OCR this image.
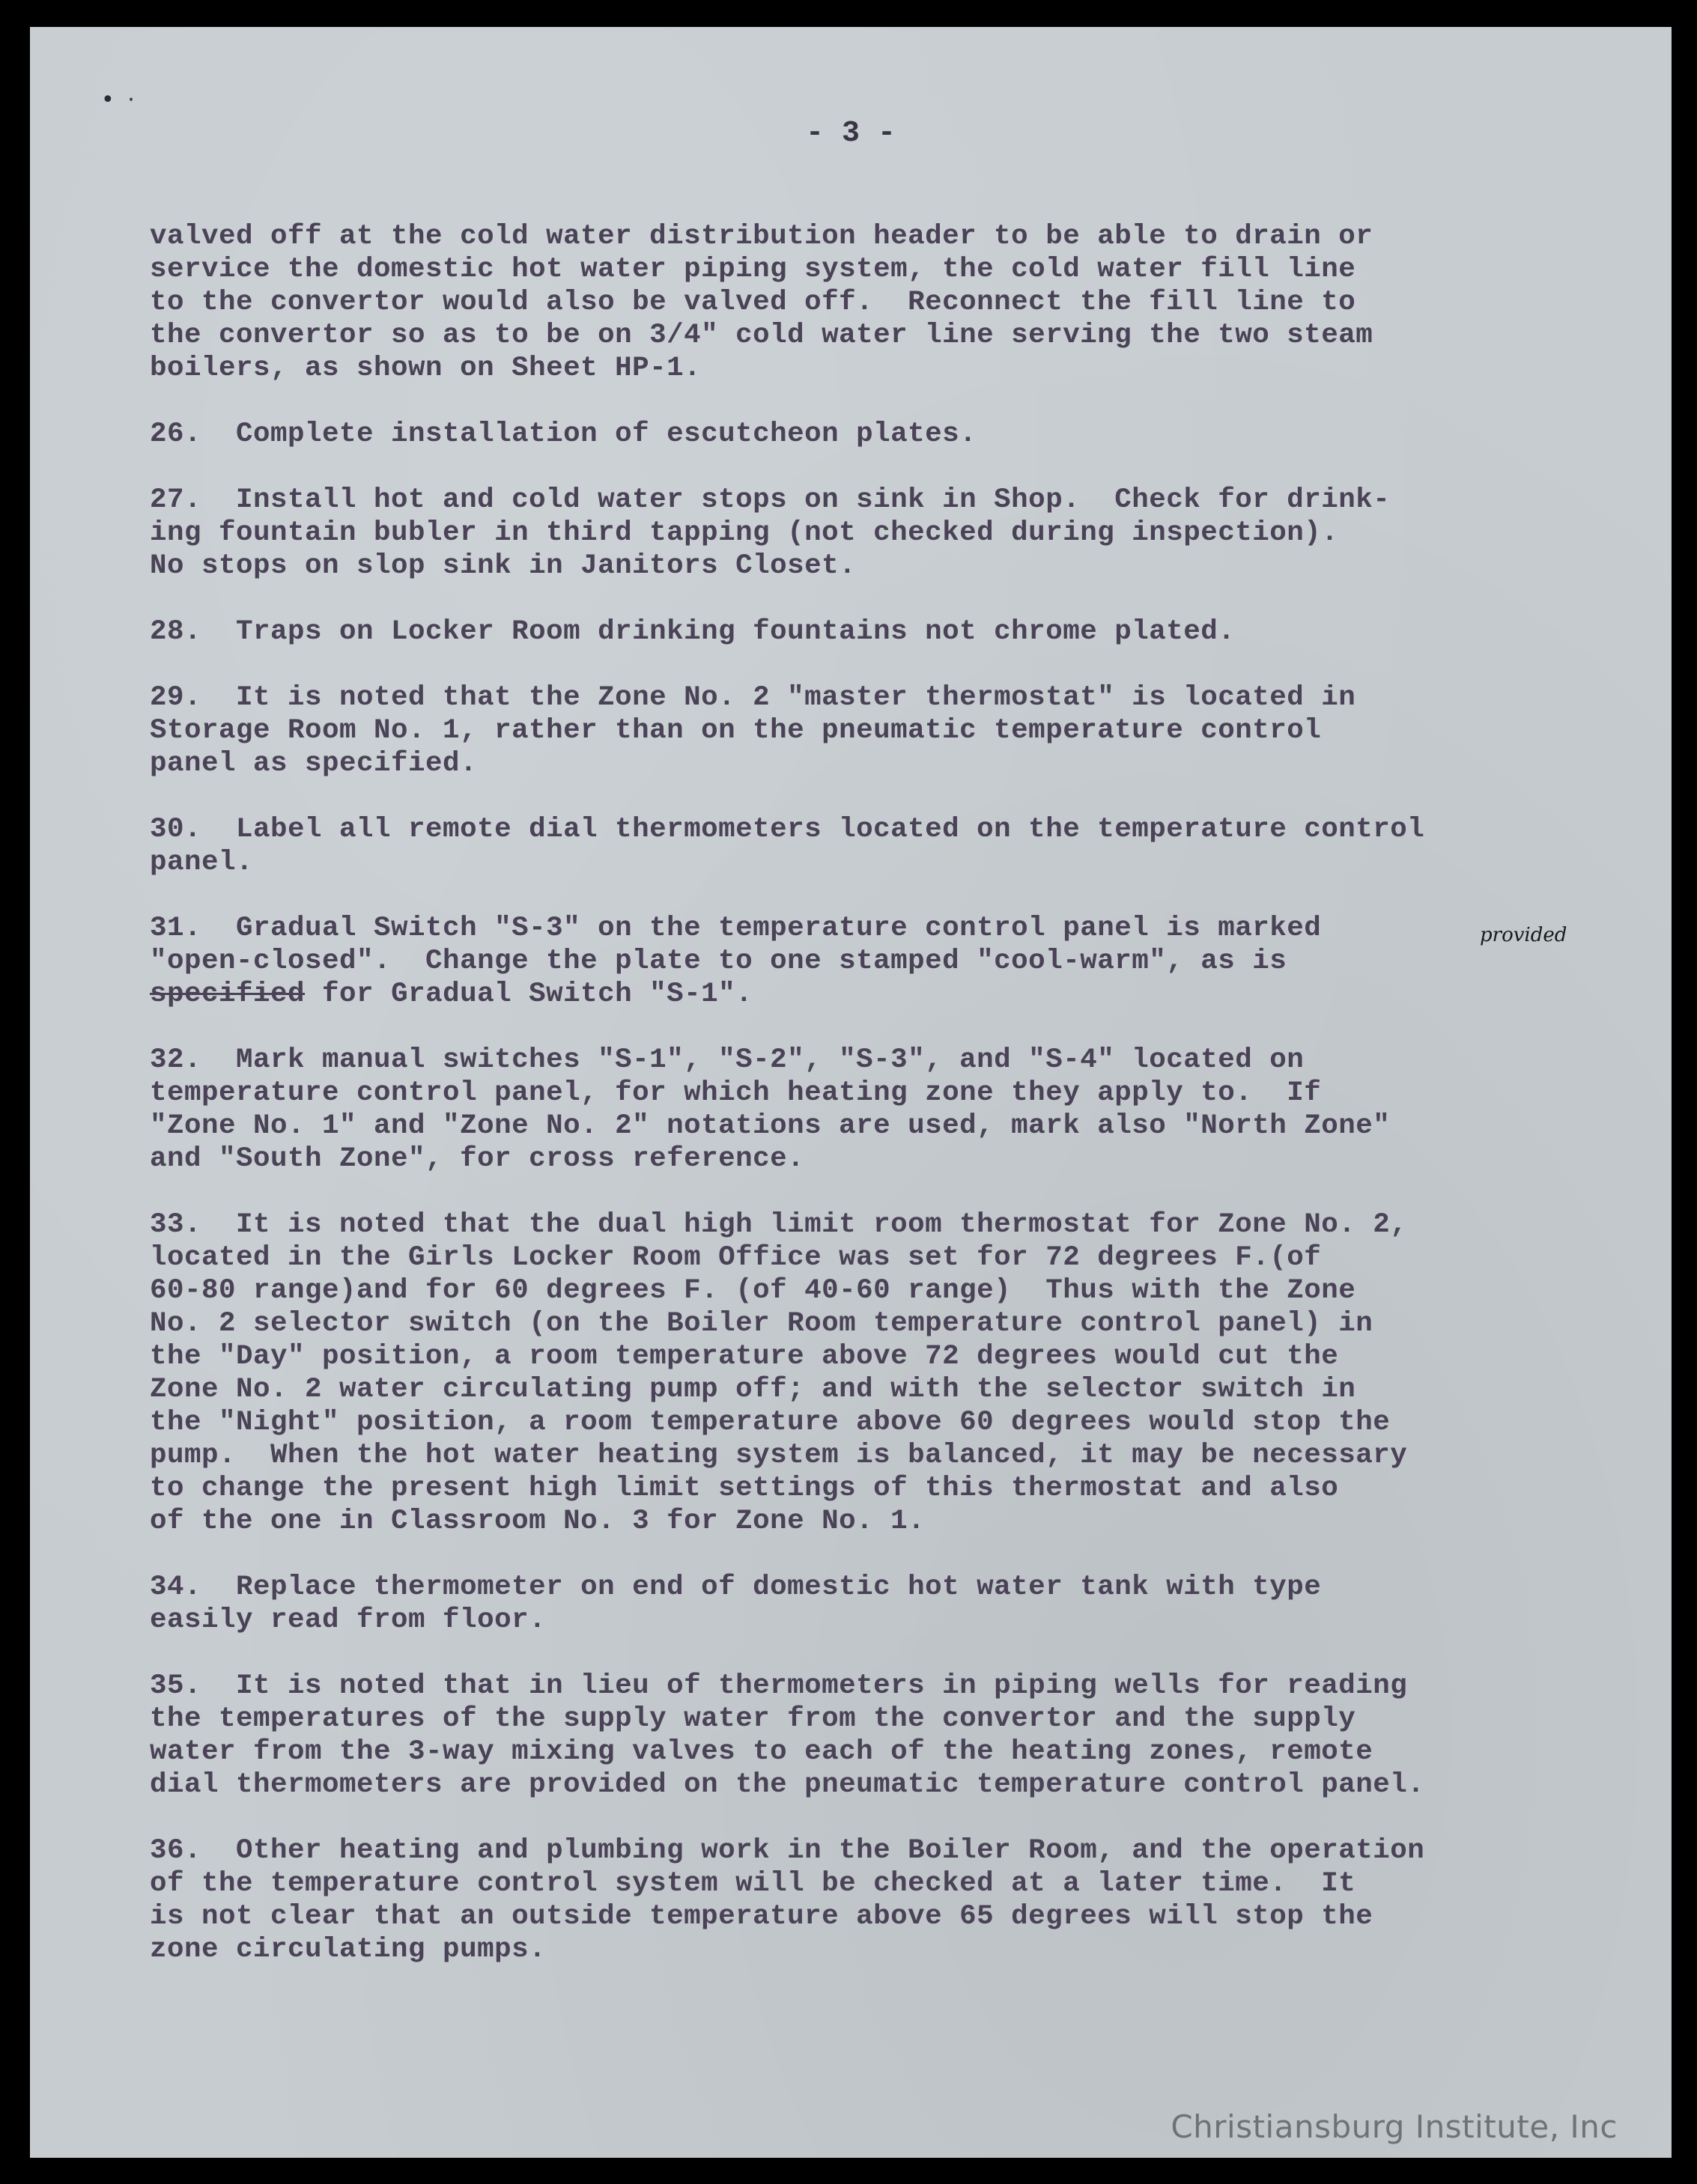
• ·
- 3 -

valved off at the cold water distribution header to be able to drain or
service the domestic hot water piping system, the cold water fill line
to the convertor would also be valved off.  Reconnect the fill line to
the convertor so as to be on 3/4" cold water line serving the two steam
boilers, as shown on Sheet HP-1.

26.  Complete installation of escutcheon plates.

27.  Install hot and cold water stops on sink in Shop.  Check for drink-
ing fountain bubler in third tapping (not checked during inspection).
No stops on slop sink in Janitors Closet.

28.  Traps on Locker Room drinking fountains not chrome plated.

29.  It is noted that the Zone No. 2 "master thermostat" is located in
Storage Room No. 1, rather than on the pneumatic temperature control
panel as specified.

30.  Label all remote dial thermometers located on the temperature control
panel.

31.  Gradual Switch "S-3" on the temperature control panel is marked
"open-closed".  Change the plate to one stamped "cool-warm", as is
specified for Gradual Switch "S-1".

32.  Mark manual switches "S-1", "S-2", "S-3", and "S-4" located on
temperature control panel, for which heating zone they apply to.  If
"Zone No. 1" and "Zone No. 2" notations are used, mark also "North Zone"
and "South Zone", for cross reference.

33.  It is noted that the dual high limit room thermostat for Zone No. 2,
located in the Girls Locker Room Office was set for 72 degrees F.(of
60-80 range)and for 60 degrees F. (of 40-60 range)  Thus with the Zone
No. 2 selector switch (on the Boiler Room temperature control panel) in
the "Day" position, a room temperature above 72 degrees would cut the
Zone No. 2 water circulating pump off; and with the selector switch in
the "Night" position, a room temperature above 60 degrees would stop the
pump.  When the hot water heating system is balanced, it may be necessary
to change the present high limit settings of this thermostat and also
of the one in Classroom No. 3 for Zone No. 1.

34.  Replace thermometer on end of domestic hot water tank with type
easily read from floor.

35.  It is noted that in lieu of thermometers in piping wells for reading
the temperatures of the supply water from the convertor and the supply
water from the 3-way mixing valves to each of the heating zones, remote
dial thermometers are provided on the pneumatic temperature control panel.

36.  Other heating and plumbing work in the Boiler Room, and the operation
of the temperature control system will be checked at a later time.  It
is not clear that an outside temperature above 65 degrees will stop the
zone circulating pumps.

provided
Christiansburg Institute, Inc
